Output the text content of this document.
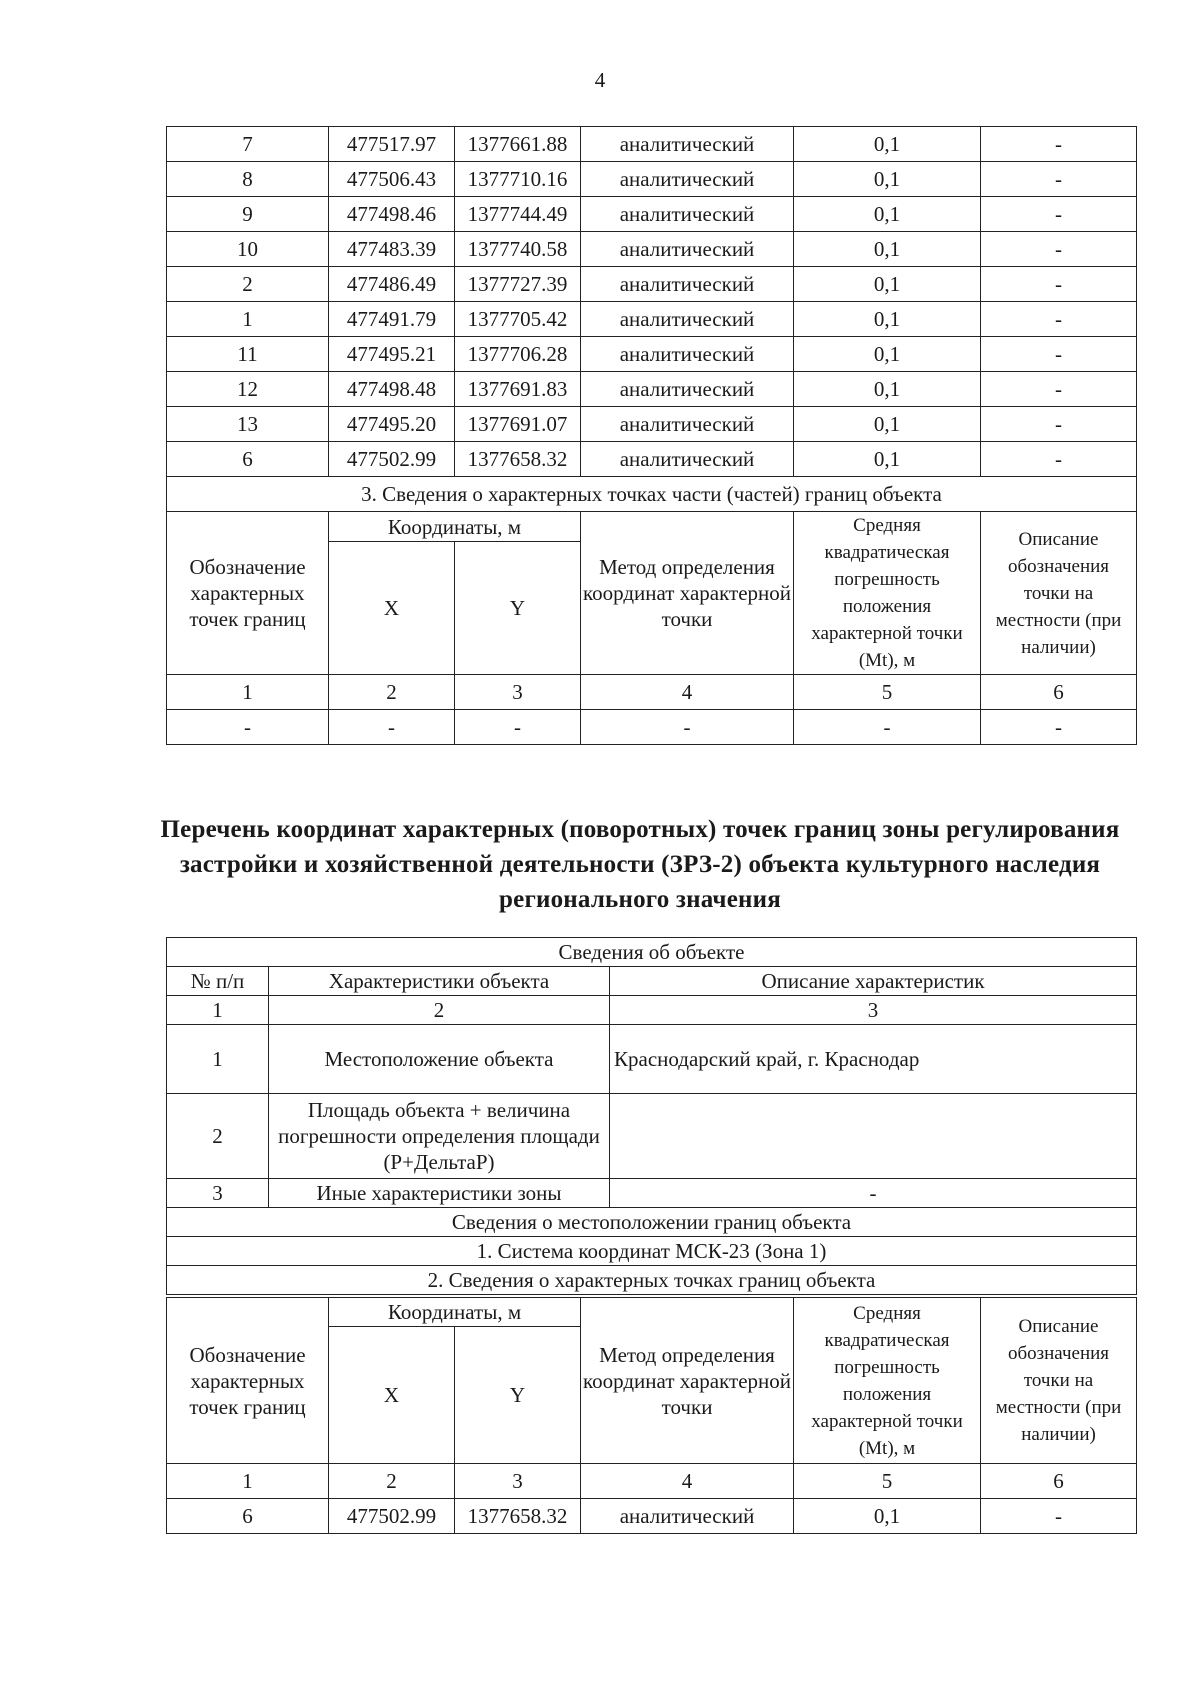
4
7	477517.97	1377661.88	аналитический	0,1	-
8	477506.43	1377710.16	аналитический	0,1	-
9	477498.46	1377744.49	аналитический	0,1	-
10	477483.39	1377740.58	аналитический	0,1	-
2	477486.49	1377727.39	аналитический	0,1	-
1	477491.79	1377705.42	аналитический	0,1	-
11	477495.21	1377706.28	аналитический	0,1	-
12	477498.48	1377691.83	аналитический	0,1	-
13	477495.20	1377691.07	аналитический	0,1	-
6	477502.99	1377658.32	аналитический	0,1	-
3. Сведения о характерных точках части (частей) границ объекта					
Обозначение характерных точек границ	Координаты, м		Метод определения координат характерной точки	Средняя квадратическая погрешность положения характерной точки (Mt), м	Описание обозначения точки на местности (при наличии)
	X	Y			
1	2	3	4	5	6
-	-	-	-	-	-
Перечень координат характерных (поворотных) точек границ зоны регулирования застройки и хозяйственной деятельности (ЗРЗ-2) объекта культурного наследия регионального значения
Сведения об объекте		
№ п/п	Характеристики объекта	Описание характеристик
1	2	3
1	Местоположение объекта	Краснодарский край, г. Краснодар
2	Площадь объекта + величина погрешности определения площади (Р+ДельтаР)	
3	Иные характеристики зоны	-
Сведения о местоположении границ объекта		
1. Система координат МСК-23 (Зона 1)		
2. Сведения о характерных точках границ объекта		
Обозначение характерных точек границ	Координаты, м		Метод определения координат характерной точки	Средняя квадратическая погрешность положения характерной точки (Mt), м	Описание обозначения точки на местности (при наличии)
	X	Y			
1	2	3	4	5	6
6	477502.99	1377658.32	аналитический	0,1	-
